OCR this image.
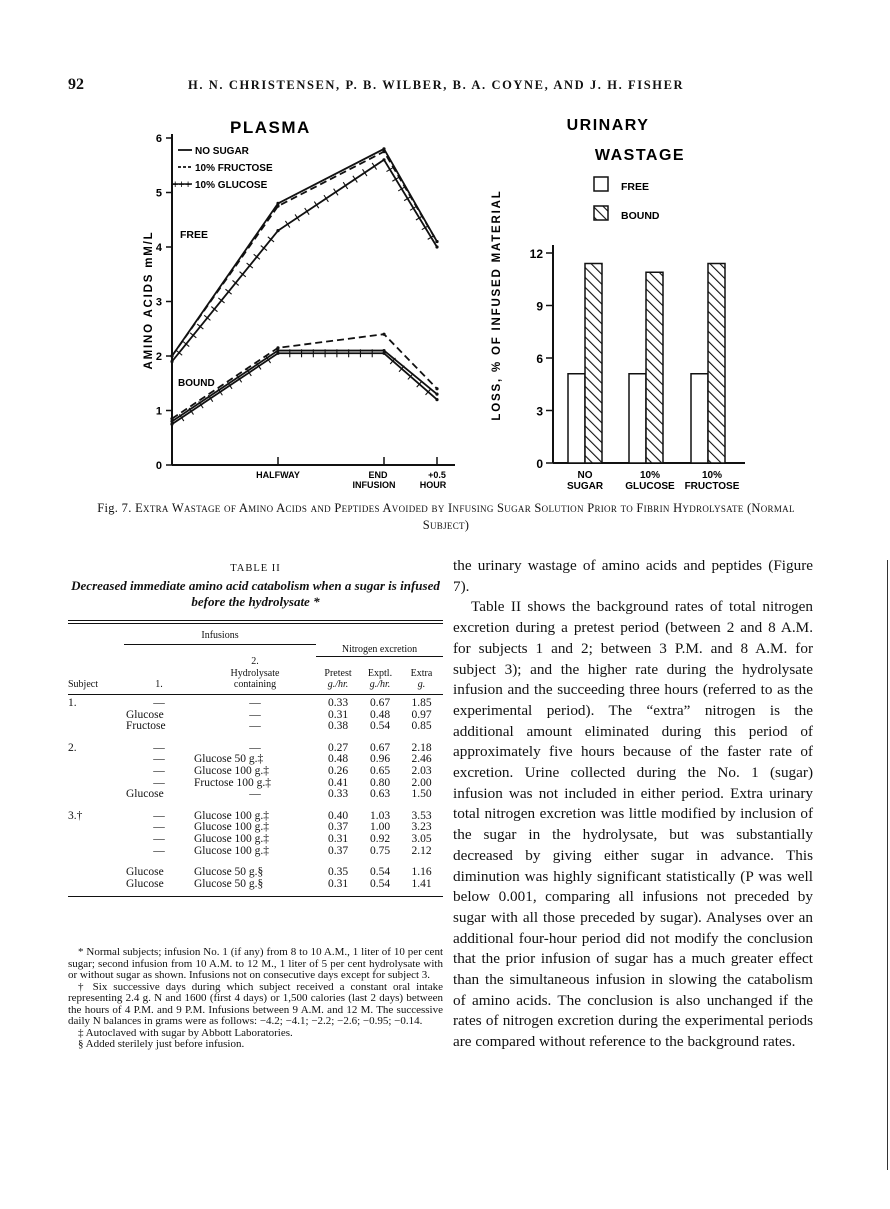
92	H. N. CHRISTENSEN, P. B. WILBER, B. A. COYNE, AND J. H. FISHER
PLASMA
AMINO ACIDS mM/L
0
1
2
3
4
5
6
HALFWAY	END
INFUSION
+0.5
HOUR
NO SUGAR
10% FRUCTOSE
+++ 10% GLUCOSE
FREE
BOUND
URINARY
WASTAGE
FREE
BOUND
LOSS, % OF INFUSED MATERIAL
0
3
6
9
12
NO
SUGAR
10%
GLUCOSE
10%
FRUCTOSE
Fig. 7. Extra Wastage of Amino Acids and Peptides Avoided by Infusing Sugar Solution Prior to Fibrin Hydrolysate (Normal Subject)
TABLE II
Decreased immediate amino acid catabolism when a sugar is infused before the hydrolysate *

	Infusions				
			Nitrogen excretion		
		2.			
		Hydrolysate	Pretest	Exptl.	Extra
Subject	1.	containing	g./hr.	g./hr.	g.

1.	—	—	0.33	0.67	1.85
	Glucose	—	0.31	0.48	0.97
	Fructose	—	0.38	0.54	0.85

2.	—	—	0.27	0.67	2.18
	—	Glucose 50 g.‡	0.48	0.96	2.46
	—	Glucose 100 g.‡	0.26	0.65	2.03
	—	Fructose 100 g.‡	0.41	0.80	2.00
	Glucose	—	0.33	0.63	1.50

3.†	—	Glucose 100 g.‡	0.40	1.03	3.53
	—	Glucose 100 g.‡	0.37	1.00	3.23
	—	Glucose 100 g.‡	0.31	0.92	3.05
	—	Glucose 100 g.‡	0.37	0.75	2.12

	Glucose	Glucose 50 g.§	0.35	0.54	1.16
	Glucose	Glucose 50 g.§	0.31	0.54	1.41

* Normal subjects; infusion No. 1 (if any) from 8 to 10 A.M., 1 liter of 10 per cent sugar; second infusion from 10 A.M. to 12 M., 1 liter of 5 per cent hydrolysate with or without sugar as shown. Infusions not on consecutive days except for subject 3.

† Six successive days during which subject received a constant oral intake representing 2.4 g. N and 1600 (first 4 days) or 1,500 calories (last 2 days) between the hours of 4 P.M. and 9 P.M. Infusions between 9 A.M. and 12 M. The successive daily N balances in grams were as follows: −4.2; −4.1; −2.2; −2.6; −0.95; −0.14.

‡ Autoclaved with sugar by Abbott Laboratories.

§ Added sterilely just before infusion.

the urinary wastage of amino acids and peptides (Figure 7).

Table II shows the background rates of total nitrogen excretion during a pretest period (between 2 and 8 A.M. for subjects 1 and 2; between 3 P.M. and 8 A.M. for subject 3); and the higher rate during the hydrolysate infusion and the succeeding three hours (referred to as the experimental period). The “extra” nitrogen is the additional amount eliminated during this period of approximately five hours because of the faster rate of excretion. Urine collected during the No. 1 (sugar) infusion was not included in either period. Extra urinary total nitrogen excretion was little modified by inclusion of the sugar in the hydrolysate, but was substantially decreased by giving either sugar in advance. This diminution was highly significant statistically (P was well below 0.001, comparing all infusions not preceded by sugar with all those preceded by sugar). Analyses over an additional four-hour period did not modify the conclusion that the prior infusion of sugar has a much greater effect than the simultaneous infusion in slowing the catabolism of amino acids. The conclusion is also unchanged if the rates of nitrogen excretion during the experimental periods are compared without reference to the background rates.
